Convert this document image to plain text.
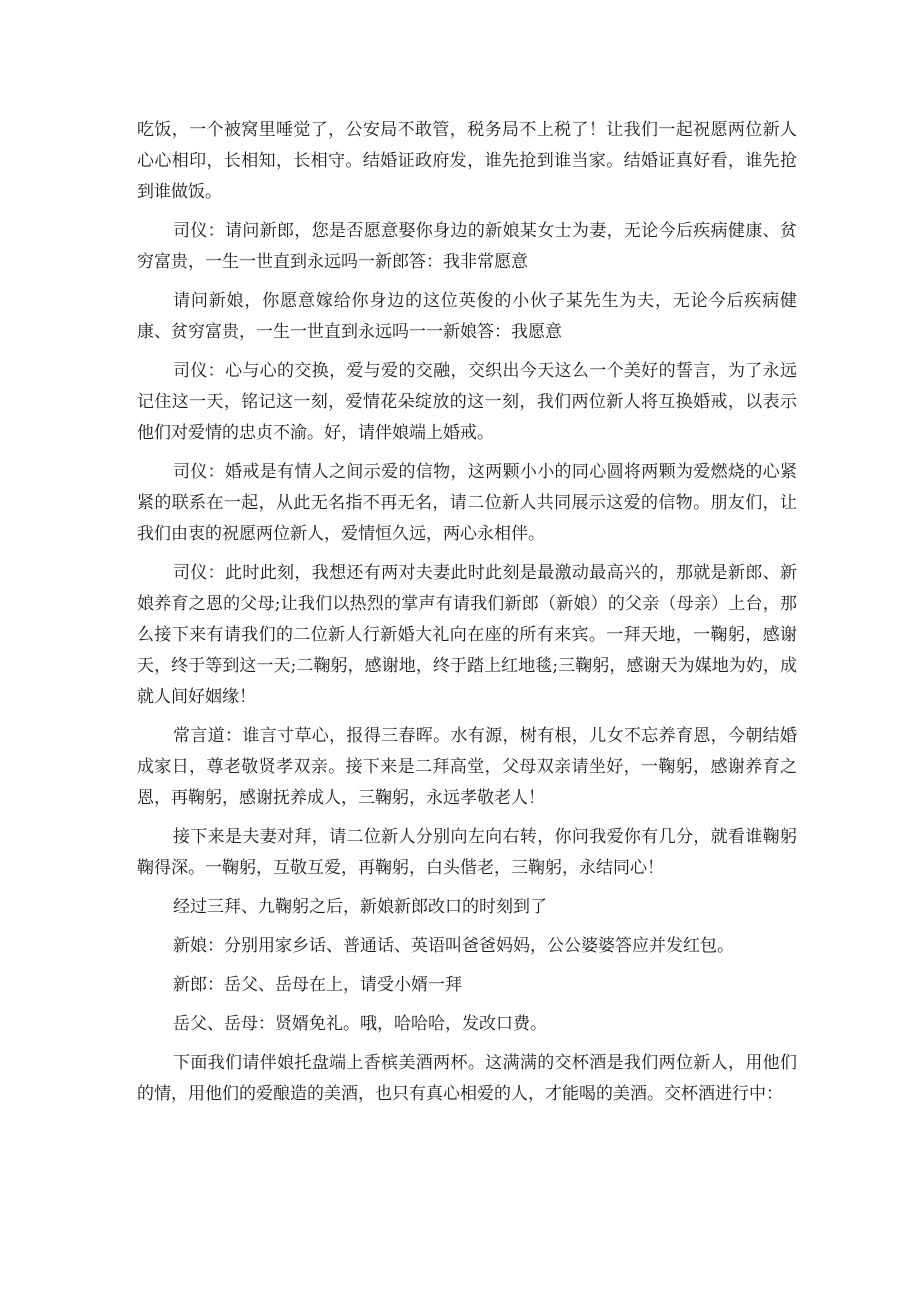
吃饭，一个被窝里唾觉了，公安局不敢管，税务局不上税了！让我们一起祝愿两位新人心心相印，长相知，长相守。结婚证政府发，谁先抢到谁当家。结婚证真好看，谁先抢到谁做饭。

司仪：请问新郎，您是否愿意娶你身边的新娘某女士为妻，无论今后疾病健康、贫穷富贵，一生一世直到永远吗一新郎答：我非常愿意

请问新娘，你愿意嫁给你身边的这位英俊的小伙子某先生为夫，无论今后疾病健康、贫穷富贵，一生一世直到永远吗一一新娘答：我愿意

司仪：心与心的交换，爱与爱的交融，交织出今天这么一个美好的誓言，为了永远记住这一天，铭记这一刻，爱情花朵绽放的这一刻，我们两位新人将互换婚戒，以表示他们对爱情的忠贞不渝。好，请伴娘端上婚戒。

司仪：婚戒是有情人之间示爱的信物，这两颗小小的同心圆将两颗为爱燃烧的心紧紧的联系在一起，从此无名指不再无名，请二位新人共同展示这爱的信物。朋友们，让我们由衷的祝愿两位新人，爱情恒久远，两心永相伴。

司仪：此时此刻，我想还有两对夫妻此时此刻是最激动最高兴的，那就是新郎、新娘养育之恩的父母;让我们以热烈的掌声有请我们新郎（新娘）的父亲（母亲）上台，那么接下来有请我们的二位新人行新婚大礼向在座的所有来宾。一拜天地，一鞠躬，感谢天，终于等到这一天;二鞠躬，感谢地，终于踏上红地毯;三鞠躬，感谢天为媒地为妁，成就人间好姻缘！

常言道：谁言寸草心，报得三春晖。水有源，树有根，儿女不忘养育恩，今朝结婚成家日，尊老敬贤孝双亲。接下来是二拜高堂，父母双亲请坐好，一鞠躬，感谢养育之恩，再鞠躬，感谢抚养成人，三鞠躬，永远孝敬老人！

接下来是夫妻对拜，请二位新人分别向左向右转，你问我爱你有几分，就看谁鞠躬鞠得深。一鞠躬，互敬互爱，再鞠躬，白头偕老，三鞠躬，永结同心！

经过三拜、九鞠躬之后，新娘新郎改口的时刻到了

新娘：分别用家乡话、普通话、英语叫爸爸妈妈，公公婆婆答应并发红包。

新郎：岳父、岳母在上，请受小婿一拜

岳父、岳母：贤婿免礼。哦，哈哈哈，发改口费。

下面我们请伴娘托盘端上香槟美酒两杯。这满满的交杯酒是我们两位新人，用他们的情，用他们的爱酿造的美酒，也只有真心相爱的人，才能喝的美酒。交杯酒进行中：
